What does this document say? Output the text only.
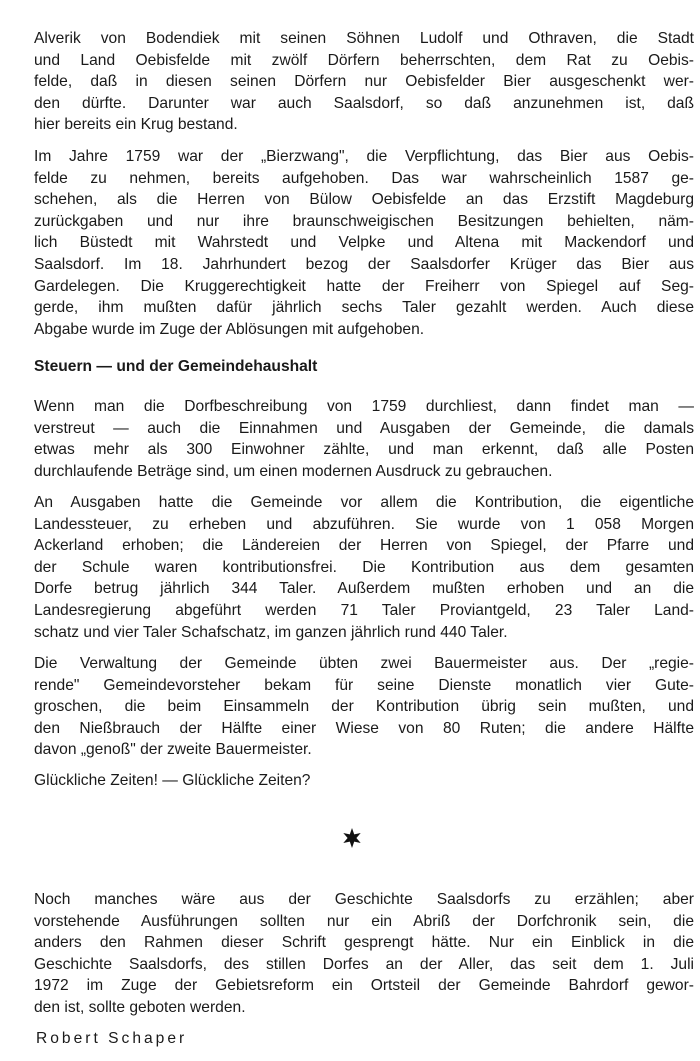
Alverik von Bodendiek mit seinen Söhnen Ludolf und Othraven, die Stadt
und Land Oebisfelde mit zwölf Dörfern beherrschten, dem Rat zu Oebis-
felde, daß in diesen seinen Dörfern nur Oebisfelder Bier ausgeschenkt wer-
den dürfte. Darunter war auch Saalsdorf, so daß anzunehmen ist, daß
hier bereits ein Krug bestand.

Im Jahre 1759 war der „Bierzwang", die Verpflichtung, das Bier aus Oebis-
felde zu nehmen, bereits aufgehoben. Das war wahrscheinlich 1587 ge-
schehen, als die Herren von Bülow Oebisfelde an das Erzstift Magdeburg
zurückgaben und nur ihre braunschweigischen Besitzungen behielten, näm-
lich Büstedt mit Wahrstedt und Velpke und Altena mit Mackendorf und
Saalsdorf. Im 18. Jahrhundert bezog der Saalsdorfer Krüger das Bier aus
Gardelegen. Die Kruggerechtigkeit hatte der Freiherr von Spiegel auf Seg-
gerde, ihm mußten dafür jährlich sechs Taler gezahlt werden. Auch diese
Abgabe wurde im Zuge der Ablösungen mit aufgehoben.

Steuern — und der Gemeindehaushalt

Wenn man die Dorfbeschreibung von 1759 durchliest, dann findet man —
verstreut — auch die Einnahmen und Ausgaben der Gemeinde, die damals
etwas mehr als 300 Einwohner zählte, und man erkennt, daß alle Posten
durchlaufende Beträge sind, um einen modernen Ausdruck zu gebrauchen.

An Ausgaben hatte die Gemeinde vor allem die Kontribution, die eigentliche
Landessteuer, zu erheben und abzuführen. Sie wurde von 1 058 Morgen
Ackerland erhoben; die Ländereien der Herren von Spiegel, der Pfarre und
der Schule waren kontributionsfrei. Die Kontribution aus dem gesamten
Dorfe betrug jährlich 344 Taler. Außerdem mußten erhoben und an die
Landesregierung abgeführt werden 71 Taler Proviantgeld, 23 Taler Land-
schatz und vier Taler Schafschatz, im ganzen jährlich rund 440 Taler.

Die Verwaltung der Gemeinde übten zwei Bauermeister aus. Der „regie-
rende" Gemeindevorsteher bekam für seine Dienste monatlich vier Gute-
groschen, die beim Einsammeln der Kontribution übrig sein mußten, und
den Nießbrauch der Hälfte einer Wiese von 80 Ruten; die andere Hälfte
davon „genoß" der zweite Bauermeister.

Glückliche Zeiten! — Glückliche Zeiten?

Noch manches wäre aus der Geschichte Saalsdorfs zu erzählen; aber
vorstehende Ausführungen sollten nur ein Abriß der Dorfchronik sein, die
anders den Rahmen dieser Schrift gesprengt hätte. Nur ein Einblick in die
Geschichte Saalsdorfs, des stillen Dorfes an der Aller, das seit dem 1. Juli
1972 im Zuge der Gebietsreform ein Ortsteil der Gemeinde Bahrdorf gewor-
den ist, sollte geboten werden.

Robert Schaper
